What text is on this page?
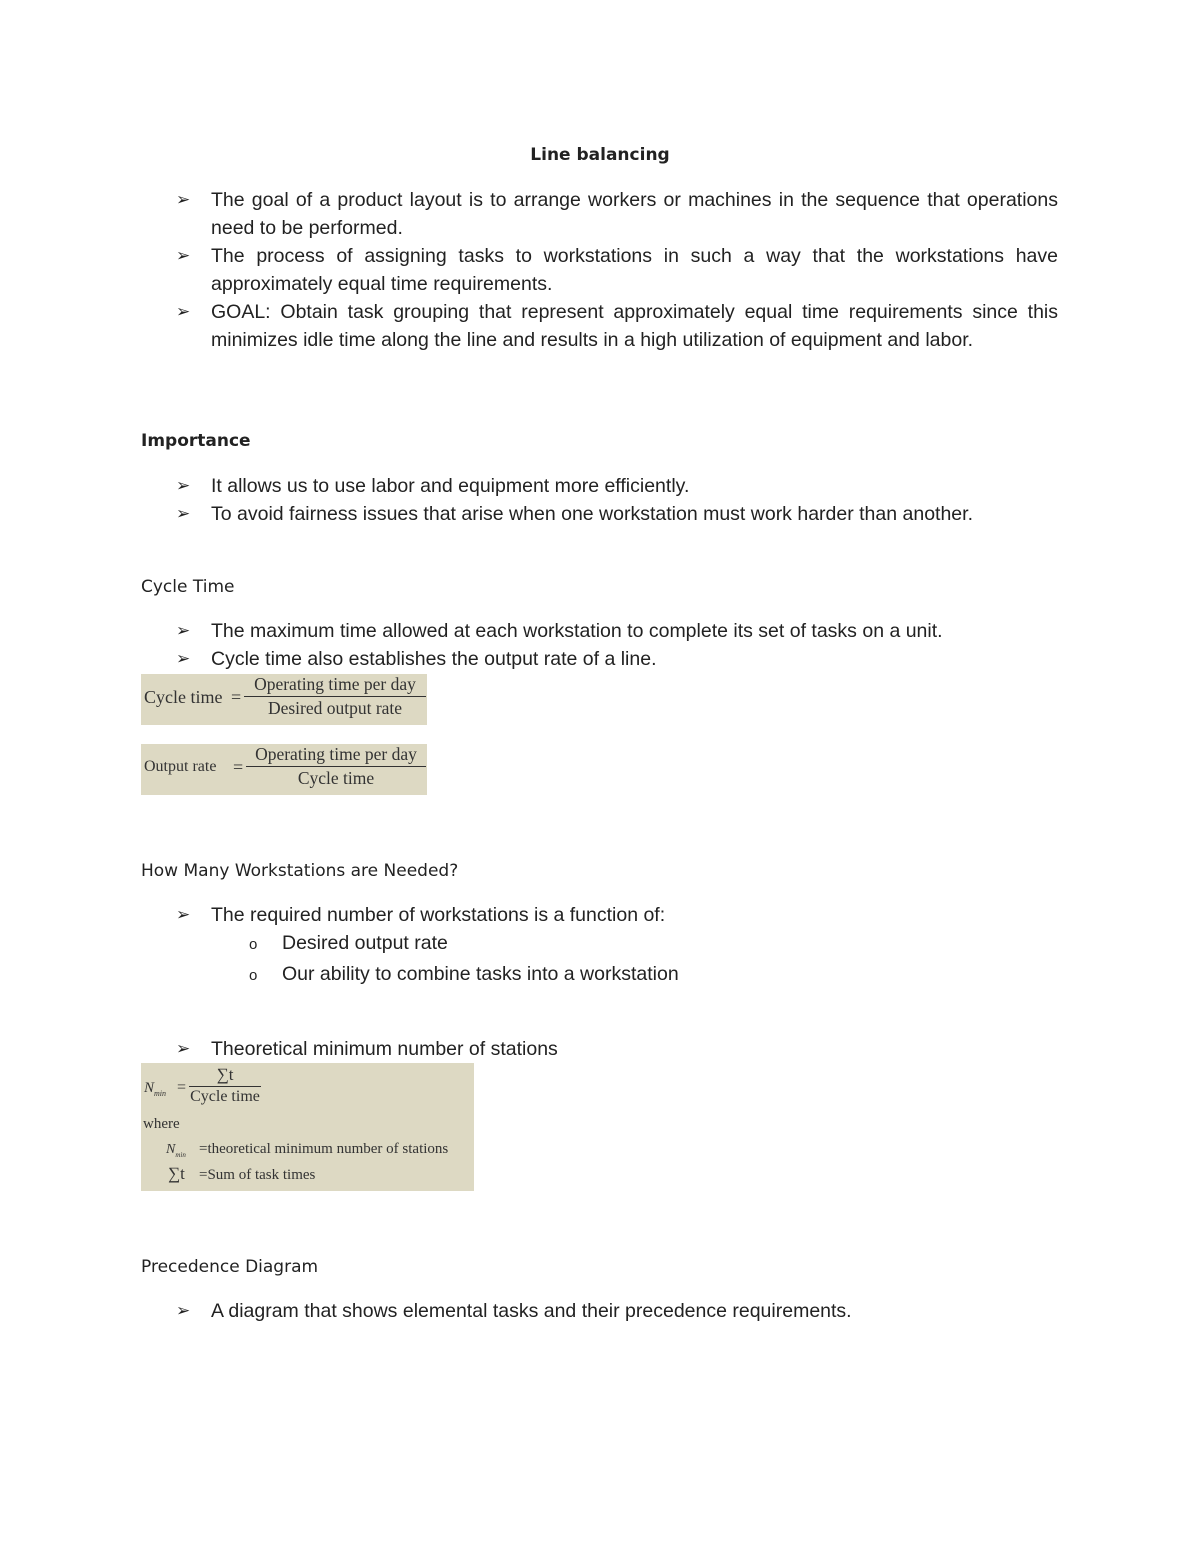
Line balancing
➢	The goal of a product layout is to arrange workers or machines in the sequence that operations need to be performed.
➢	The process of assigning tasks to workstations in such a way that the workstations have approximately equal time requirements.
➢	GOAL: Obtain task grouping that represent approximately equal time requirements since this minimizes idle time along the line and results in a high utilization of equipment and labor.
Importance
➢	It allows us to use labor and equipment more efficiently.
➢	To avoid fairness issues that arise when one workstation must work harder than another.
Cycle Time
➢	The maximum time allowed at each workstation to complete its set of tasks on a unit.
➢	Cycle time also establishes the output rate of a line.
Cycle time =
Operating time per day
Desired output rate
Output rate =
Operating time per day
Cycle time
How Many Workstations are Needed?
➢	The required number of workstations is a function of:
o Desired output rate
o Our ability to combine tasks into a workstation
➢	Theoretical minimum number of stations
$N_{min}$ =
∑t
Cycle time
where
$N_{min}$ =theoretical minimum number of stations
∑t =Sum of task times
Precedence Diagram
➢	A diagram that shows elemental tasks and their precedence requirements.
